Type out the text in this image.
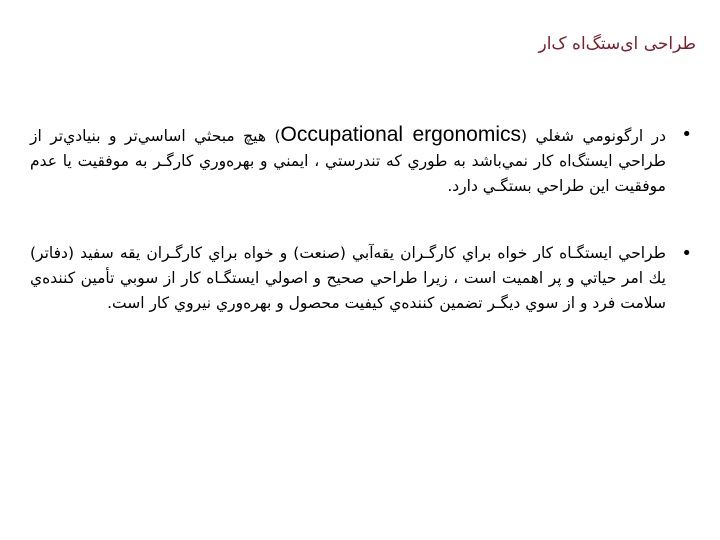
طراحی ای‌ستگ‌اه ک‌ار
•
در ارگونومي شغلي (Occupational ergonomics) هيچ مبحثي اساسي‌تر و بنيادي‌تر از طراحي ايستگ‌اه كار نمي‌باشد به طوري كه تندرستي ، ايمني و بهره‌وري كارگـر به موفقيت يا عدم موفقيت اين طراحي بستگـي دارد.
•
طراحي ايستگـاه كار خواه براي كارگـران يقه‌آبي (صنعت) و خواه براي كارگـران يقه سفيد (دفاتر) يك امر حياتي و پر اهميت است ، زيرا طراحي صحيح و اصولي ايستگـاه كار از سوبي تأمين كننده‌ي سلامت فرد و از سوي ديگـر تضمين كننده‌ي كيفيت محصول و بهره‌وري نيروي كار است.
